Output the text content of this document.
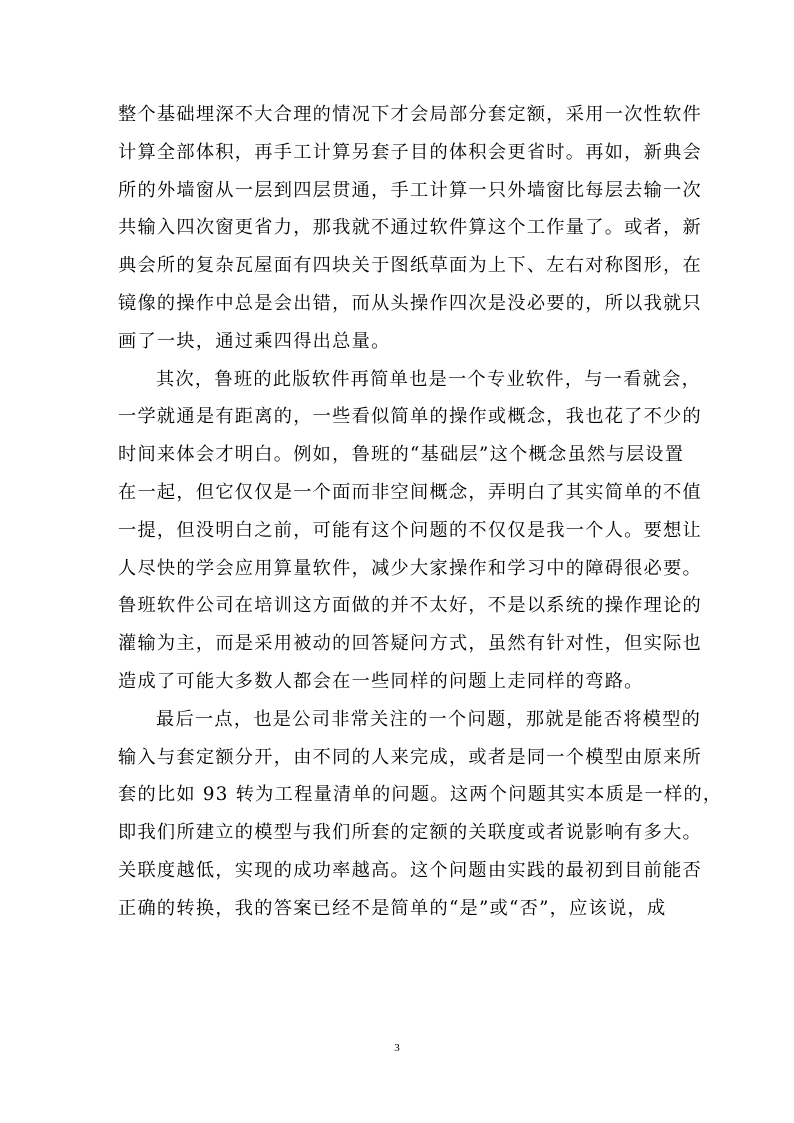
整个基础埋深不大合理的情况下才会局部分套定额，采用一次性软件
计算全部体积，再手工计算另套子目的体积会更省时。再如，新典会
所的外墙窗从一层到四层贯通，手工计算一只外墙窗比每层去输一次
共输入四次窗更省力，那我就不通过软件算这个工作量了。或者，新
典会所的复杂瓦屋面有四块关于图纸草面为上下、左右对称图形，在
镜像的操作中总是会出错，而从头操作四次是没必要的，所以我就只
画了一块，通过乘四得出总量。
其次，鲁班的此版软件再简单也是一个专业软件，与一看就会，
一学就通是有距离的，一些看似简单的操作或概念，我也花了不少的
时间来体会才明白。例如，鲁班的“基础层”这个概念虽然与层设置
在一起，但它仅仅是一个面而非空间概念，弄明白了其实简单的不值
一提，但没明白之前，可能有这个问题的不仅仅是我一个人。要想让
人尽快的学会应用算量软件，减少大家操作和学习中的障碍很必要。
鲁班软件公司在培训这方面做的并不太好，不是以系统的操作理论的
灌输为主，而是采用被动的回答疑问方式，虽然有针对性，但实际也
造成了可能大多数人都会在一些同样的问题上走同样的弯路。
最后一点，也是公司非常关注的一个问题，那就是能否将模型的
输入与套定额分开，由不同的人来完成，或者是同一个模型由原来所
套的比如 93 转为工程量清单的问题。这两个问题其实本质是一样的，
即我们所建立的模型与我们所套的定额的关联度或者说影响有多大。
关联度越低，实现的成功率越高。这个问题由实践的最初到目前能否
正确的转换，我的答案已经不是简单的“是”或“否”，应该说，成
3
